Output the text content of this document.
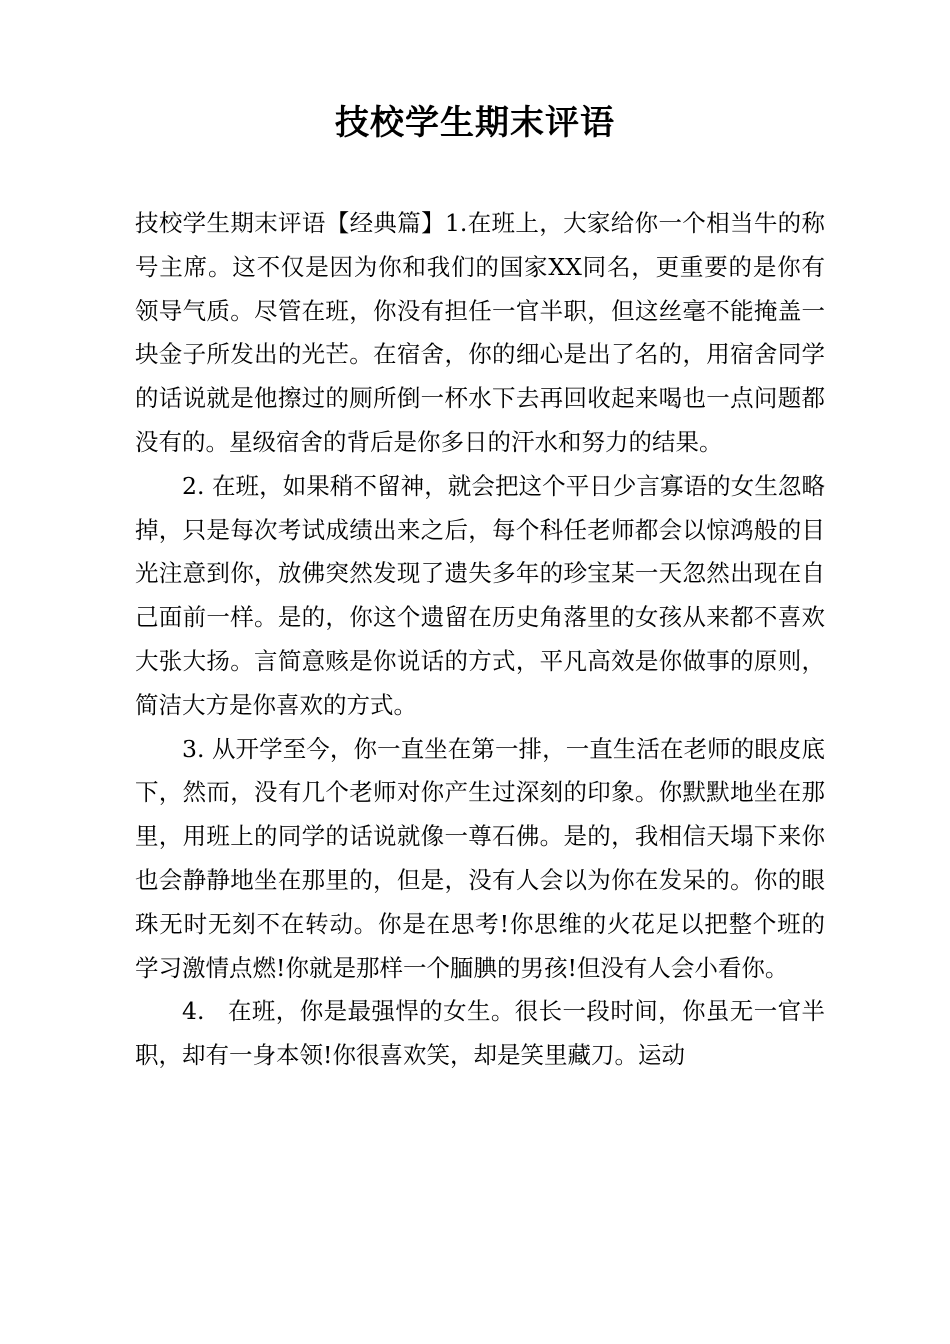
技校学生期末评语

技校学生期末评语【经典篇】1.在班上，大家给你一个相当牛的称号主席。这不仅是因为你和我们的国家XX同名，更重要的是你有领导气质。尽管在班，你没有担任一官半职，但这丝毫不能掩盖一块金子所发出的光芒。在宿舍，你的细心是出了名的，用宿舍同学的话说就是他擦过的厕所倒一杯水下去再回收起来喝也一点问题都没有的。星级宿舍的背后是你多日的汗水和努力的结果。

2. 在班，如果稍不留神，就会把这个平日少言寡语的女生忽略掉，只是每次考试成绩出来之后，每个科任老师都会以惊鸿般的目光注意到你，放佛突然发现了遗失多年的珍宝某一天忽然出现在自己面前一样。是的，你这个遗留在历史角落里的女孩从来都不喜欢大张大扬。言简意赅是你说话的方式，平凡高效是你做事的原则，简洁大方是你喜欢的方式。

3. 从开学至今，你一直坐在第一排，一直生活在老师的眼皮底下，然而，没有几个老师对你产生过深刻的印象。你默默地坐在那里，用班上的同学的话说就像一尊石佛。是的，我相信天塌下来你也会静静地坐在那里的，但是，没有人会以为你在发呆的。你的眼珠无时无刻不在转动。你是在思考!你思维的火花足以把整个班的学习激情点燃!你就是那样一个腼腆的男孩!但没有人会小看你。

4.   在班，你是最强悍的女生。很长一段时间，你虽无一官半职，却有一身本领!你很喜欢笑，却是笑里藏刀。运动
